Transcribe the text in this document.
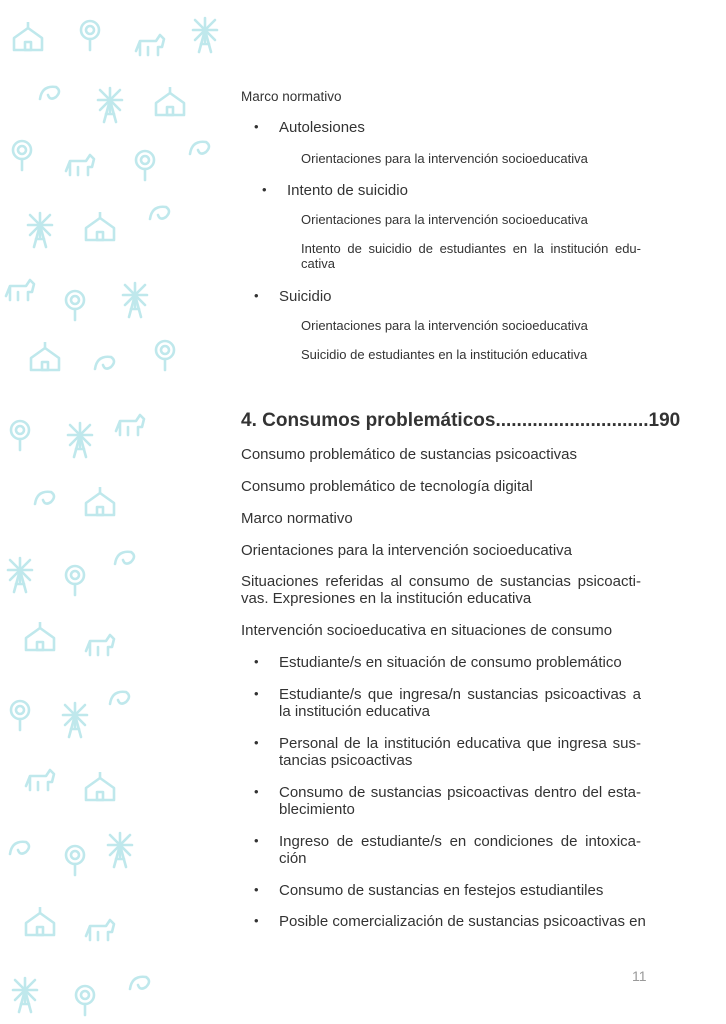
Marco normativo
• Autolesiones
Orientaciones para la intervención socioeducativa
• Intento de suicidio
Orientaciones para la intervención socioeducativa
Intento de suicidio de estudiantes en la institución edu-cativa
• Suicidio
Orientaciones para la intervención socioeducativa
Suicidio de estudiantes en la institución educativa
4. Consumos problemáticos.............................190
Consumo problemático de sustancias psicoactivas
Consumo problemático de tecnología digital
Marco normativo
Orientaciones para la intervención socioeducativa
Situaciones referidas al consumo de sustancias psicoacti-vas. Expresiones en la institución educativa
Intervención socioeducativa en situaciones de consumo
• Estudiante/s en situación de consumo problemático
• Estudiante/s que ingresa/n sustancias psicoactivas a la institución educativa
• Personal de la institución educativa que ingresa sus-tancias psicoactivas
• Consumo de sustancias psicoactivas dentro del esta-blecimiento
• Ingreso de estudiante/s en condiciones de intoxica-ción
• Consumo de sustancias en festejos estudiantiles
• Posible comercialización de sustancias psicoactivas en
11
